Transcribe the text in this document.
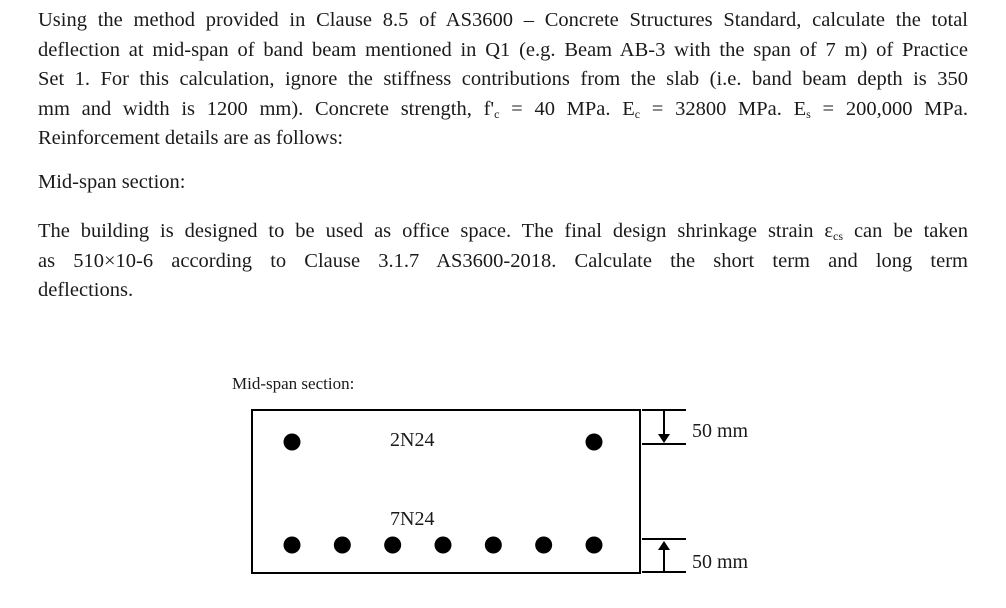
Using the method provided in Clause 8.5 of AS3600 – Concrete Structures Standard, calculate the total
deflection at mid-span of band beam mentioned in Q1 (e.g. Beam AB-3 with the span of 7 m) of Practice
Set 1. For this calculation, ignore the stiffness contributions from the slab (i.e. band beam depth is 350
mm and width is 1200 mm). Concrete strength, $f'_c = 40$ MPa. $E_c = 32800$ MPa. $E_s = 200,000$ MPa.
Reinforcement details are as follows:
Mid-span section:
The building is designed to be used as office space. The final design shrinkage strain $\varepsilon_{cs}$ can be taken
as 510×10-6 according to Clause 3.1.7 AS3600-2018. Calculate the short term and long term
deflections.
Mid-span section:
2N24
7N24
50 mm
50 mm
